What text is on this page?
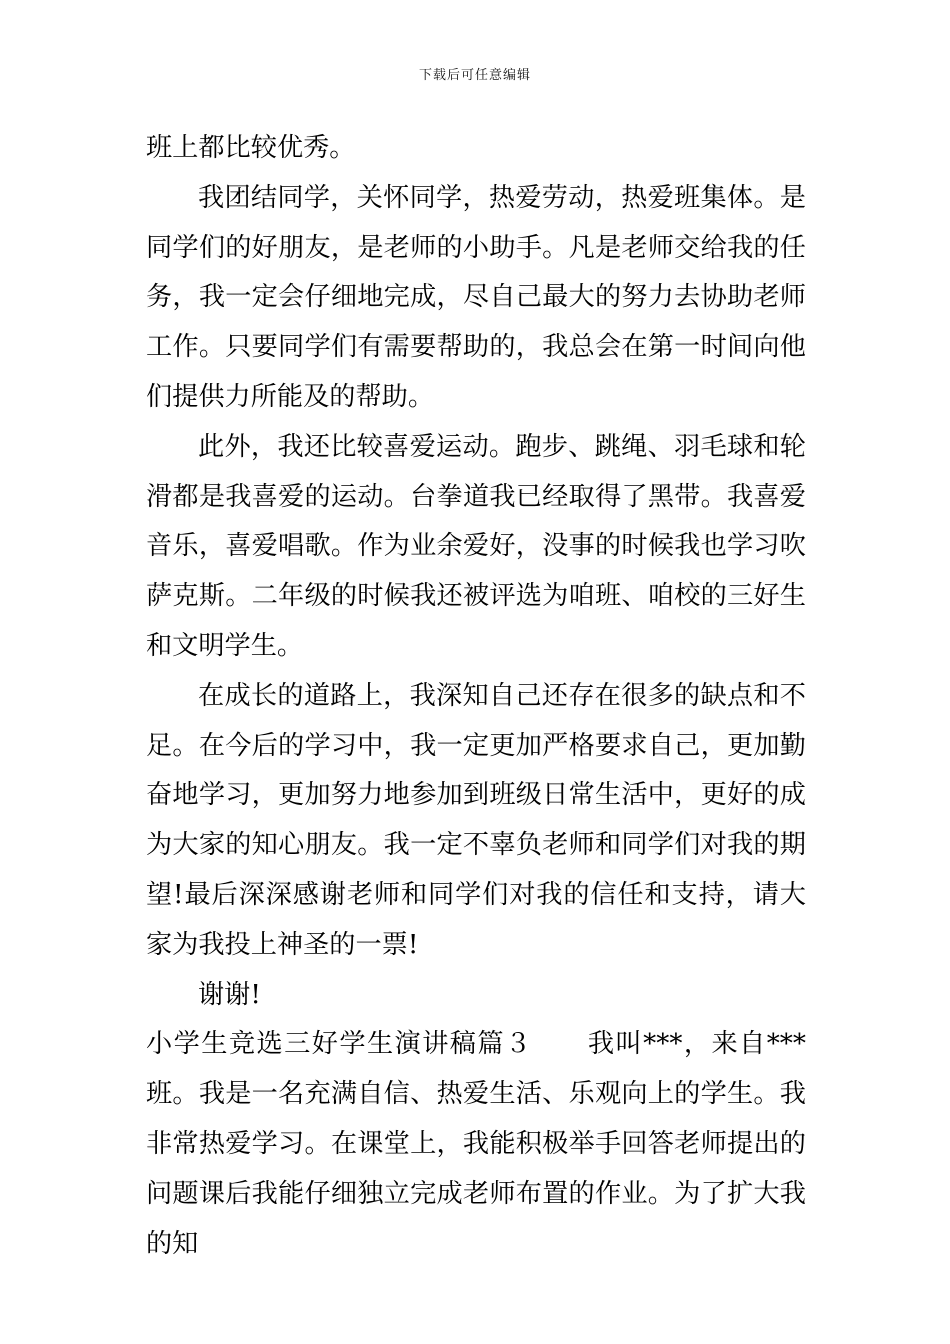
下载后可任意编辑

班上都比较优秀。

我团结同学，关怀同学，热爱劳动，热爱班集体。是同学们的好朋友，是老师的小助手。凡是老师交给我的任务，我一定会仔细地完成，尽自己最大的努力去协助老师工作。只要同学们有需要帮助的，我总会在第一时间向他们提供力所能及的帮助。

此外，我还比较喜爱运动。跑步、跳绳、羽毛球和轮滑都是我喜爱的运动。台拳道我已经取得了黑带。我喜爱音乐，喜爱唱歌。作为业余爱好，没事的时候我也学习吹萨克斯。二年级的时候我还被评选为咱班、咱校的三好生和文明学生。

在成长的道路上，我深知自己还存在很多的缺点和不足。在今后的学习中，我一定更加严格要求自己，更加勤奋地学习，更加努力地参加到班级日常生活中，更好的成为大家的知心朋友。我一定不辜负老师和同学们对我的期望!最后深深感谢老师和同学们对我的信任和支持，请大家为我投上神圣的一票!

谢谢!

小学生竞选三好学生演讲稿篇３　　我叫***，来自***班。我是一名充满自信、热爱生活、乐观向上的学生。我非常热爱学习。在课堂上，我能积极举手回答老师提出的问题课后我能仔细独立完成老师布置的作业。为了扩大我的知
